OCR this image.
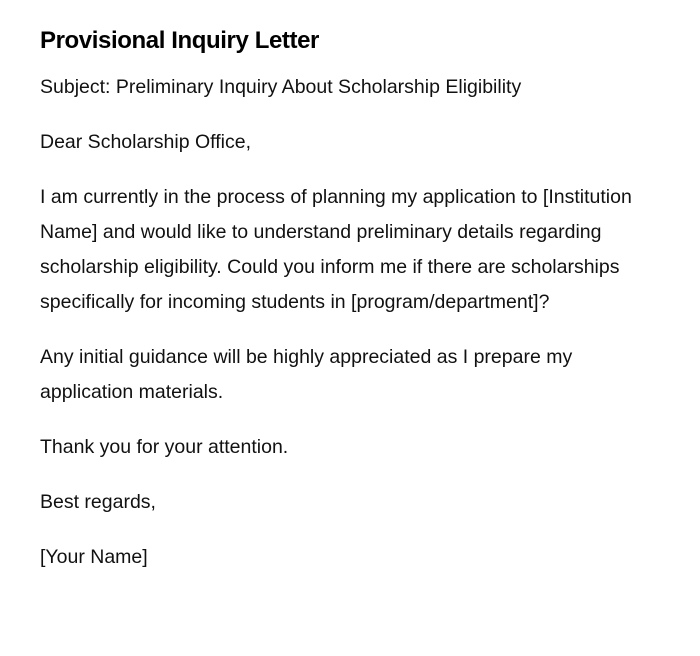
Provisional Inquiry Letter

Subject: Preliminary Inquiry About Scholarship Eligibility

Dear Scholarship Office,

I am currently in the process of planning my application to [Institution Name] and would like to understand preliminary details regarding scholarship eligibility. Could you inform me if there are scholarships specifically for incoming students in [program/department]?

Any initial guidance will be highly appreciated as I prepare my application materials.

Thank you for your attention.

Best regards,

[Your Name]
